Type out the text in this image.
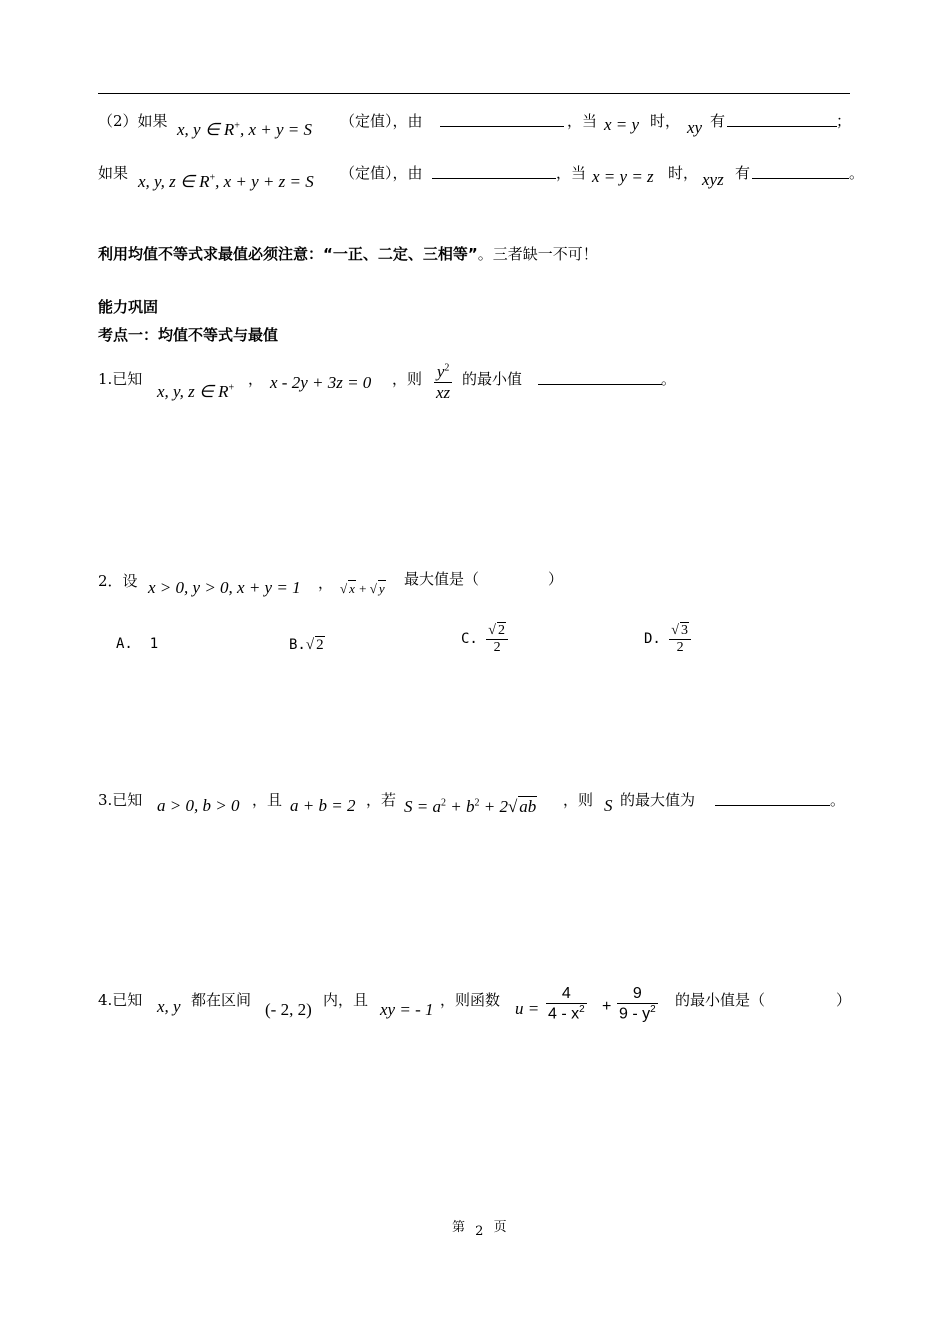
（2）如果 x, y ∈ R+, x + y = S （定值），由	，当 x = y 时， xy 有	；
如果 x, y, z ∈ R+, x + y + z = S （定值），由	，当 x = y = z 时， xyz 有	。
利用均值不等式求最值必须注意：“一正、二定、三相等”。三者缺一不可！
能力巩固
考点一：均值不等式与最值
1.已知
x, y, z ∈ R+ ， x - 2y + 3z = 0 ，则 $\frac{y^2}{xz}$ 的最小值	。
2．设 x > 0, y > 0, x + y = 1 ， √ x + √ y
最大值是（	）
A. 1	B.√ 2	C. $\frac{√ 2}{2}$	D. $\frac{√ 3}{2}$
3.已知 a > 0, b > 0 ，且 a + b = 2 ，若 $S = a^2 + b^2 + 2√$ ab ，则 S 的最大值为	。
4.已知 x, y 都在区间 (- 2, 2) 内，且 xy = - 1 ，则函数 $u = \frac{4}{4 - x^2} + \frac{9}{9 - y^2}$ 的最小值是（	）
第 2 页
